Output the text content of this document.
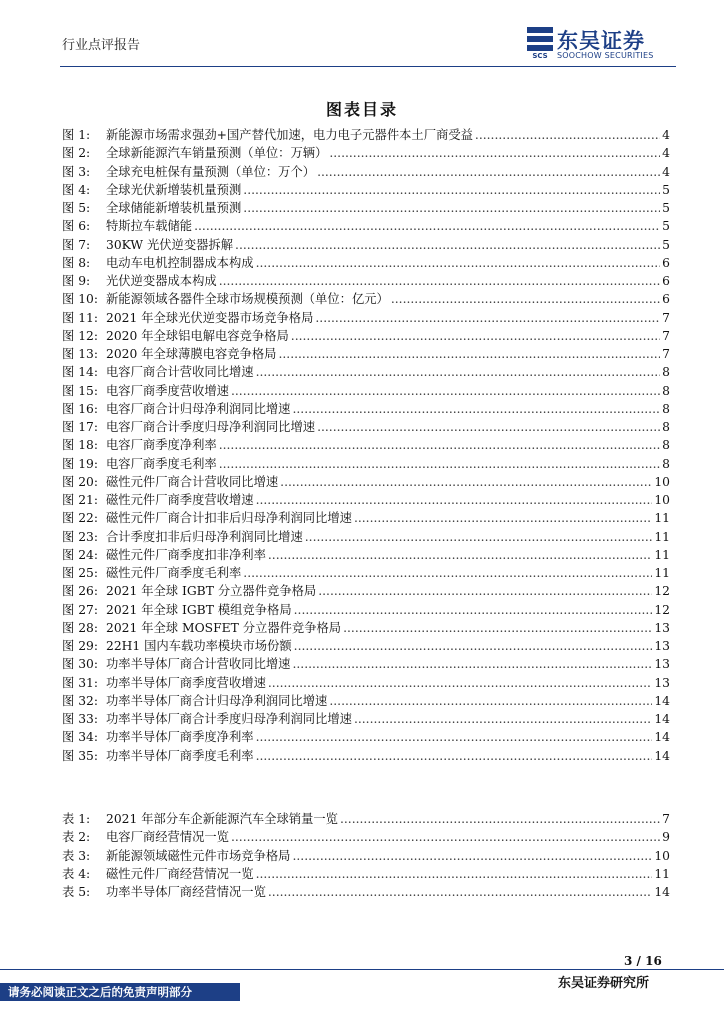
行业点评报告
SCS
东吴证券
SOOCHOW SECURITIES
图表目录
图 1:	新能源市场需求强劲+国产替代加速，电力电子元器件本土厂商受益 .....	4
图 2:	全球新能源汽车销量预测（单位：万辆） .....	4
图 3:	全球充电桩保有量预测（单位：万个） .....	4
图 4:	全球光伏新增装机量预测 .....	5
图 5:	全球储能新增装机量预测 .....	5
图 6:	特斯拉车载储能 .....	5
图 7:	30KW 光伏逆变器拆解 .....	5
图 8:	电动车电机控制器成本构成 .....	6
图 9:	光伏逆变器成本构成 .....	6
图 10: 新能源领域各器件全球市场规模预测（单位：亿元） .....	6
图 11: 2021 年全球光伏逆变器市场竞争格局 .....	7
图 12: 2020 年全球铝电解电容竞争格局 .....	7
图 13: 2020 年全球薄膜电容竞争格局 .....	7
图 14: 电容厂商合计营收同比增速 .....	8
图 15: 电容厂商季度营收增速 .....	8
图 16: 电容厂商合计归母净利润同比增速 .....	8
图 17: 电容厂商合计季度归母净利润同比增速 .....	8
图 18: 电容厂商季度净利率 .....	8
图 19: 电容厂商季度毛利率 .....	8
图 20: 磁性元件厂商合计营收同比增速 .....	10
图 21: 磁性元件厂商季度营收增速 .....	10
图 22: 磁性元件厂商合计扣非后归母净利润同比增速 .....	11
图 23: 合计季度扣非后归母净利润同比增速 .....	11
图 24: 磁性元件厂商季度扣非净利率 .....	11
图 25: 磁性元件厂商季度毛利率 .....	11
图 26: 2021 年全球 IGBT 分立器件竞争格局 .....	12
图 27: 2021 年全球 IGBT 模组竞争格局 .....	12
图 28: 2021 年全球 MOSFET 分立器件竞争格局 .....	13
图 29: 22H1 国内车载功率模块市场份额 .....	13
图 30: 功率半导体厂商合计营收同比增速 .....	13
图 31: 功率半导体厂商季度营收增速 .....	13
图 32: 功率半导体厂商合计归母净利润同比增速 .....	14
图 33: 功率半导体厂商合计季度归母净利润同比增速 .....	14
图 34: 功率半导体厂商季度净利率 .....	14
图 35: 功率半导体厂商季度毛利率 .....	14
表 1:	2021 年部分车企新能源汽车全球销量一览 .....	7
表 2:	电容厂商经营情况一览 .....	9
表 3:	新能源领域磁性元件市场竞争格局 .....	10
表 4:	磁性元件厂商经营情况一览 .....	11
表 5:	功率半导体厂商经营情况一览 .....	14
3 / 16
请务必阅读正文之后的免责声明部分
东吴证券研究所
